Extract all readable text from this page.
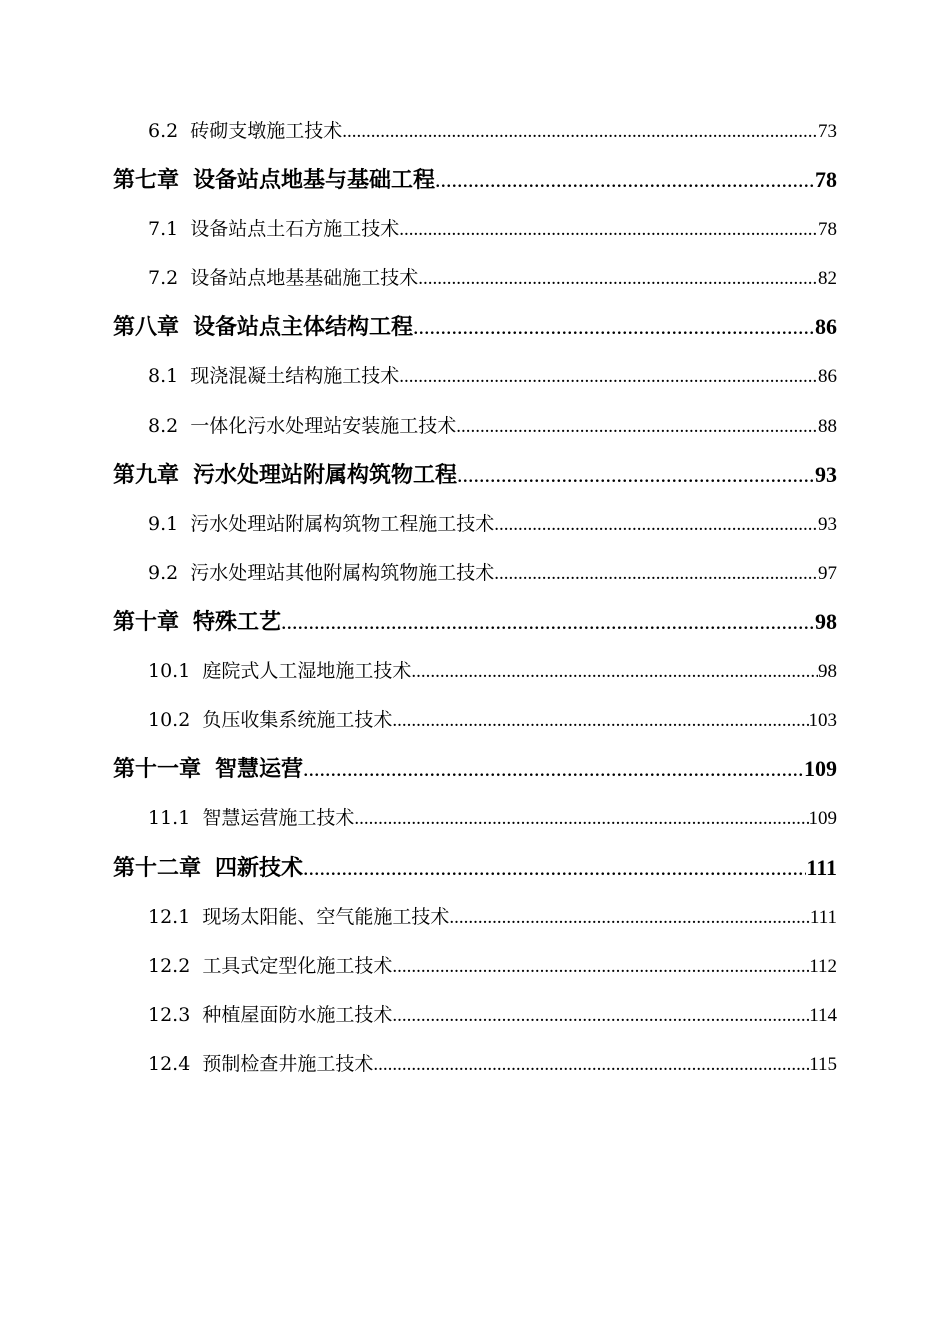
6.2 砖砌支墩施工技术 .....	73
第七章 设备站点地基与基础工程 .....	78
7.1 设备站点土石方施工技术 .....	78
7.2 设备站点地基基础施工技术 .....	82
第八章 设备站点主体结构工程 .....	86
8.1 现浇混凝土结构施工技术 .....	86
8.2 一体化污水处理站安装施工技术 .....	88
第九章 污水处理站附属构筑物工程 .....	93
9.1 污水处理站附属构筑物工程施工技术 .....	93
9.2 污水处理站其他附属构筑物施工技术 .....	97
第十章 特殊工艺 .....	98
10.1 庭院式人工湿地施工技术 .....	98
10.2 负压收集系统施工技术 .....	103
第十一章 智慧运营 .....	109
11.1 智慧运营施工技术 .....	109
第十二章 四新技术 .....	111
12.1 现场太阳能、空气能施工技术 .....	111
12.2 工具式定型化施工技术 .....	112
12.3 种植屋面防水施工技术 .....	114
12.4 预制检查井施工技术 .....	115
